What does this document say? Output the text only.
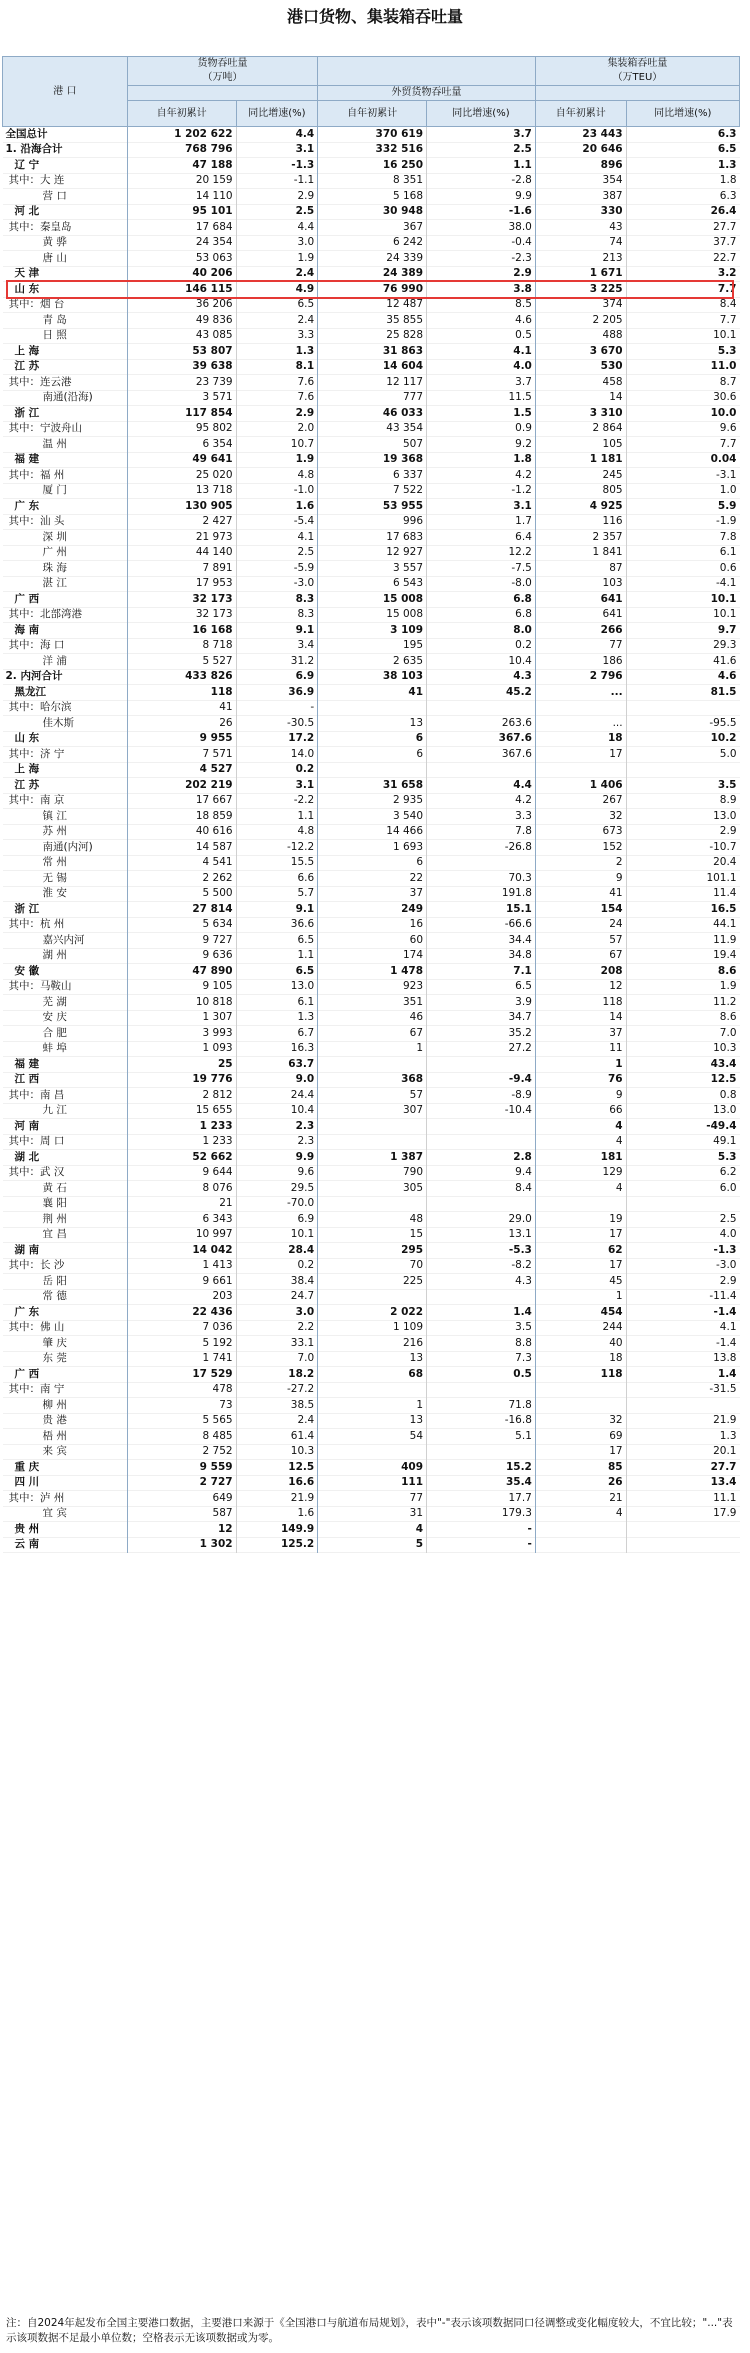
港口货物、集装箱吞吐量
港 口	货物吞吐量
（万吨）				集装箱吞吐量
（万TEU）	
			外贸货物吞吐量			
	自年初累计	同比增速(%)	自年初累计	同比增速(%)	自年初累计	同比增速(%)
全国总计	1 202 622	4.4	370 619	3.7	23 443	6.3
1. 沿海合计	768 796	3.1	332 516	2.5	20 646	6.5
辽 宁	47 188	-1.3	16 250	1.1	896	1.3
其中：大 连	20 159	-1.1	8 351	-2.8	354	1.8
营 口	14 110	2.9	5 168	9.9	387	6.3
河 北	95 101	2.5	30 948	-1.6	330	26.4
其中：秦皇岛	17 684	4.4	367	38.0	43	27.7
黄 骅	24 354	3.0	6 242	-0.4	74	37.7
唐 山	53 063	1.9	24 339	-2.3	213	22.7
天 津	40 206	2.4	24 389	2.9	1 671	3.2
山 东	146 115	4.9	76 990	3.8	3 225	7.7
其中：烟 台	36 206	6.5	12 487	8.5	374	8.4
青 岛	49 836	2.4	35 855	4.6	2 205	7.7
日 照	43 085	3.3	25 828	0.5	488	10.1
上 海	53 807	1.3	31 863	4.1	3 670	5.3
江 苏	39 638	8.1	14 604	4.0	530	11.0
其中：连云港	23 739	7.6	12 117	3.7	458	8.7
南通(沿海)	3 571	7.6	777	11.5	14	30.6
浙 江	117 854	2.9	46 033	1.5	3 310	10.0
其中：宁波舟山	95 802	2.0	43 354	0.9	2 864	9.6
温 州	6 354	10.7	507	9.2	105	7.7
福 建	49 641	1.9	19 368	1.8	1 181	0.04
其中：福 州	25 020	4.8	6 337	4.2	245	-3.1
厦 门	13 718	-1.0	7 522	-1.2	805	1.0
广 东	130 905	1.6	53 955	3.1	4 925	5.9
其中：汕 头	2 427	-5.4	996	1.7	116	-1.9
深 圳	21 973	4.1	17 683	6.4	2 357	7.8
广 州	44 140	2.5	12 927	12.2	1 841	6.1
珠 海	7 891	-5.9	3 557	-7.5	87	0.6
湛 江	17 953	-3.0	6 543	-8.0	103	-4.1
广 西	32 173	8.3	15 008	6.8	641	10.1
其中：北部湾港	32 173	8.3	15 008	6.8	641	10.1
海 南	16 168	9.1	3 109	8.0	266	9.7
其中：海 口	8 718	3.4	195	0.2	77	29.3
洋 浦	5 527	31.2	2 635	10.4	186	41.6
2. 内河合计	433 826	6.9	38 103	4.3	2 796	4.6
黑龙江	118	36.9	41	45.2	...	81.5
其中：哈尔滨	41	-				
佳木斯	26	-30.5	13	263.6	...	-95.5
山 东	9 955	17.2	6	367.6	18	10.2
其中：济 宁	7 571	14.0	6	367.6	17	5.0
上 海	4 527	0.2				
江 苏	202 219	3.1	31 658	4.4	1 406	3.5
其中：南 京	17 667	-2.2	2 935	4.2	267	8.9
镇 江	18 859	1.1	3 540	3.3	32	13.0
苏 州	40 616	4.8	14 466	7.8	673	2.9
南通(内河)	14 587	-12.2	1 693	-26.8	152	-10.7
常 州	4 541	15.5	6		2	20.4
无 锡	2 262	6.6	22	70.3	9	101.1
淮 安	5 500	5.7	37	191.8	41	11.4
浙 江	27 814	9.1	249	15.1	154	16.5
其中：杭 州	5 634	36.6	16	-66.6	24	44.1
嘉兴内河	9 727	6.5	60	34.4	57	11.9
湖 州	9 636	1.1	174	34.8	67	19.4
安 徽	47 890	6.5	1 478	7.1	208	8.6
其中：马鞍山	9 105	13.0	923	6.5	12	1.9
芜 湖	10 818	6.1	351	3.9	118	11.2
安 庆	1 307	1.3	46	34.7	14	8.6
合 肥	3 993	6.7	67	35.2	37	7.0
蚌 埠	1 093	16.3	1	27.2	11	10.3
福 建	25	63.7			1	43.4
江 西	19 776	9.0	368	-9.4	76	12.5
其中：南 昌	2 812	24.4	57	-8.9	9	0.8
九 江	15 655	10.4	307	-10.4	66	13.0
河 南	1 233	2.3			4	-49.4
其中：周 口	1 233	2.3			4	49.1
湖 北	52 662	9.9	1 387	2.8	181	5.3
其中：武 汉	9 644	9.6	790	9.4	129	6.2
黄 石	8 076	29.5	305	8.4	4	6.0
襄 阳	21	-70.0				
荆 州	6 343	6.9	48	29.0	19	2.5
宜 昌	10 997	10.1	15	13.1	17	4.0
湖 南	14 042	28.4	295	-5.3	62	-1.3
其中：长 沙	1 413	0.2	70	-8.2	17	-3.0
岳 阳	9 661	38.4	225	4.3	45	2.9
常 德	203	24.7			1	-11.4
广 东	22 436	3.0	2 022	1.4	454	-1.4
其中：佛 山	7 036	2.2	1 109	3.5	244	4.1
肇 庆	5 192	33.1	216	8.8	40	-1.4
东 莞	1 741	7.0	13	7.3	18	13.8
广 西	17 529	18.2	68	0.5	118	1.4
其中：南 宁	478	-27.2				-31.5
柳 州	73	38.5	1	71.8		
贵 港	5 565	2.4	13	-16.8	32	21.9
梧 州	8 485	61.4	54	5.1	69	1.3
来 宾	2 752	10.3			17	20.1
重 庆	9 559	12.5	409	15.2	85	27.7
四 川	2 727	16.6	111	35.4	26	13.4
其中：泸 州	649	21.9	77	17.7	21	11.1
宜 宾	587	1.6	31	179.3	4	17.9
贵 州	12	149.9	4	-		
云 南	1 302	125.2	5	-		
注：自2024年起发布全国主要港口数据，主要港口来源于《全国港口与航道布局规划》，表中"-"表示该项数据同口径调整或变化幅度较大，不宜比较；"..."表示该项数据不足最小单位数；空格表示无该项数据或为零。
